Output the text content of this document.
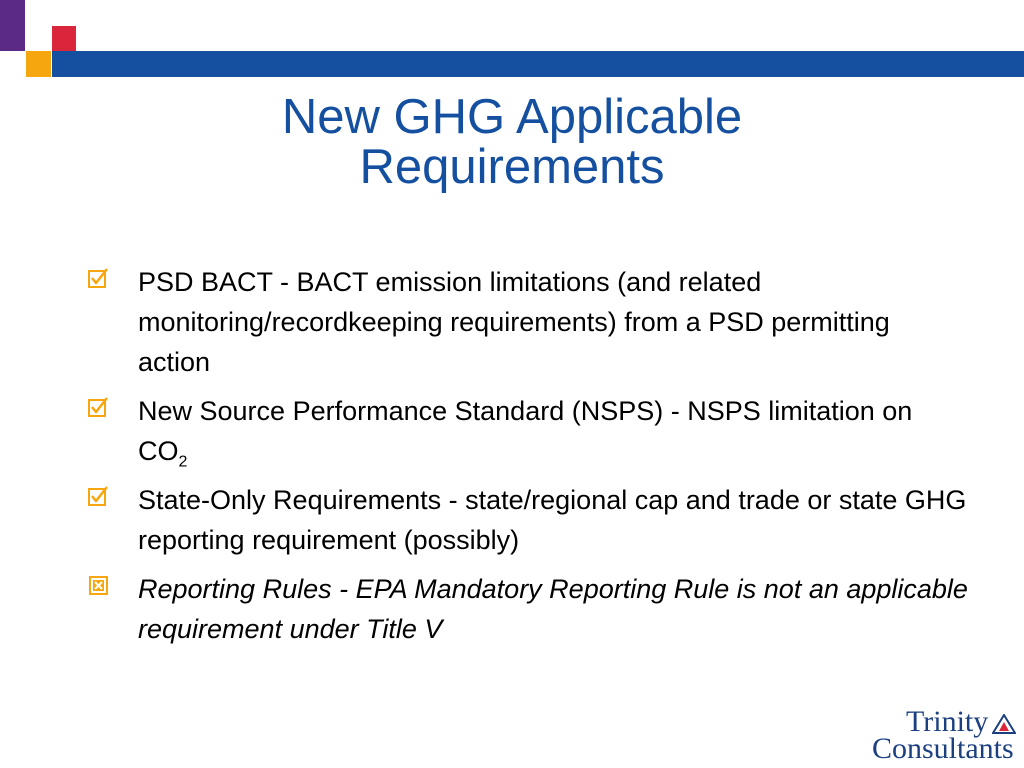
New GHG Applicable
Requirements
PSD BACT - BACT emission limitations (and related monitoring/recordkeeping requirements) from a PSD permitting action
New Source Performance Standard (NSPS) - NSPS limitation on $CO_2$
State-Only Requirements - state/regional cap and trade or state GHG reporting requirement (possibly)
Reporting Rules - EPA Mandatory Reporting Rule is not an applicable requirement under Title V
Trinity
Consultants
